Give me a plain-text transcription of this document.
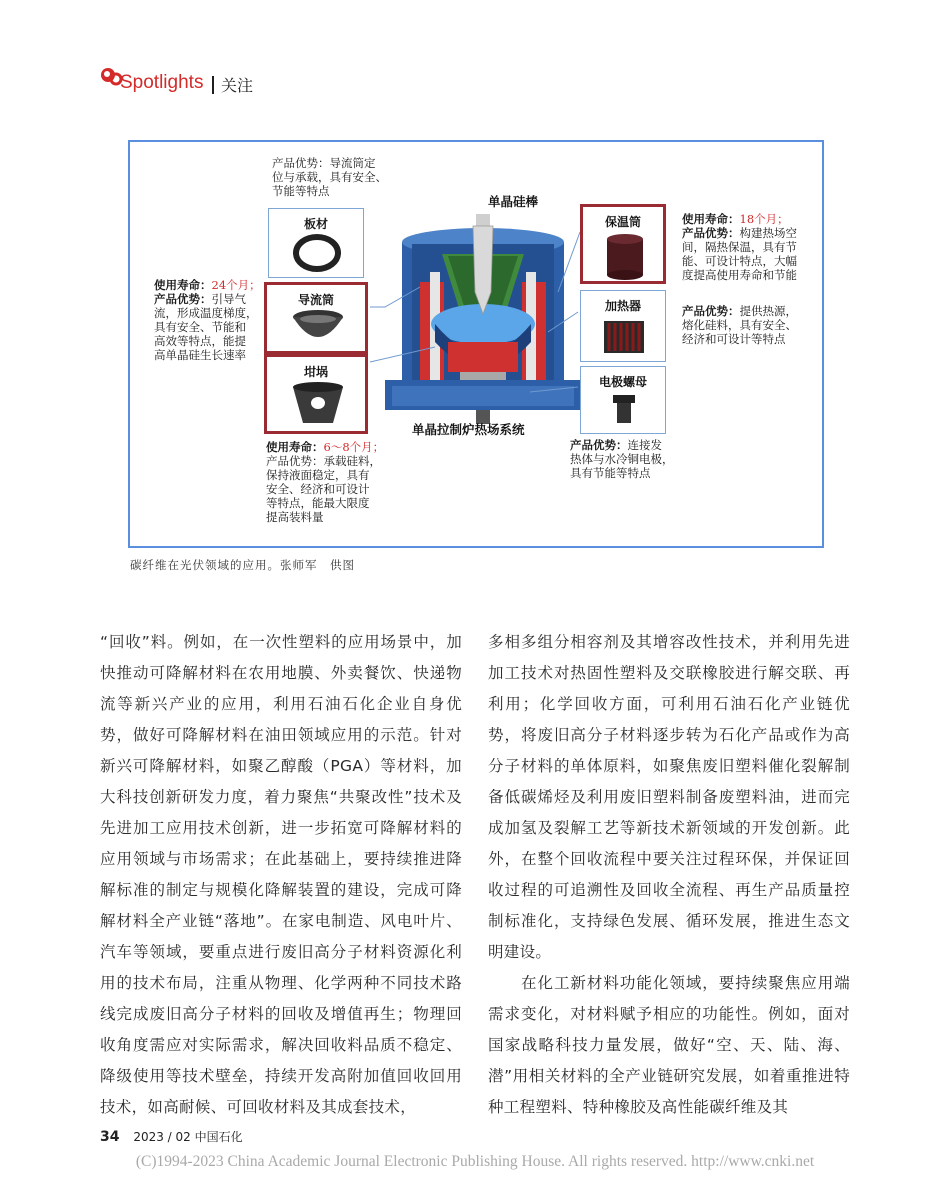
Spotlights 关注
单晶硅棒
单晶拉制炉热场系统
产品优势：导流筒定
位与承载，具有安全、
节能等特点
板材
导流筒
坩埚
使用寿命：24个月；
产品优势：引导气
流，形成温度梯度，
具有安全、节能和
高效等特点，能提
高单晶硅生长速率
使用寿命：6～8个月；
产品优势：承载硅料，
保持液面稳定，具有
安全、经济和可设计
等特点，能最大限度
提高装料量
保温筒
加热器
电极螺母
使用寿命：18个月；
产品优势：构建热场空
间，隔热保温，具有节
能、可设计特点，大幅
度提高使用寿命和节能
产品优势：提供热源，
熔化硅料，具有安全、
经济和可设计等特点
产品优势：连接发
热体与水冷铜电极，
具有节能等特点
碳纤维在光伏领域的应用。张师军　供图

“回收”料。例如，在一次性塑料的应用场景中，加快推动可降解材料在农用地膜、外卖餐饮、快递物流等新兴产业的应用，利用石油石化企业自身优势，做好可降解材料在油田领域应用的示范。针对新兴可降解材料，如聚乙醇酸（PGA）等材料，加大科技创新研发力度，着力聚焦“共聚改性”技术及先进加工应用技术创新，进一步拓宽可降解材料的应用领域与市场需求；在此基础上，要持续推进降解标准的制定与规模化降解装置的建设，完成可降解材料全产业链“落地”。在家电制造、风电叶片、汽车等领域，要重点进行废旧高分子材料资源化利用的技术布局，注重从物理、化学两种不同技术路线完成废旧高分子材料的回收及增值再生；物理回收角度需应对实际需求，解决回收料品质不稳定、降级使用等技术壁垒，持续开发高附加值回收回用技术，如高耐候、可回收材料及其成套技术，

多相多组分相容剂及其增容改性技术，并利用先进加工技术对热固性塑料及交联橡胶进行解交联、再利用；化学回收方面，可利用石油石化产业链优势，将废旧高分子材料逐步转为石化产品或作为高分子材料的单体原料，如聚焦废旧塑料催化裂解制备低碳烯烃及利用废旧塑料制备废塑料油，进而完成加氢及裂解工艺等新技术新领域的开发创新。此外，在整个回收流程中要关注过程环保，并保证回收过程的可追溯性及回收全流程、再生产品质量控制标准化，支持绿色发展、循环发展，推进生态文明建设。

　　在化工新材料功能化领域，要持续聚焦应用端需求变化，对材料赋予相应的功能性。例如，面对国家战略科技力量发展，做好“空、天、陆、海、潜”用相关材料的全产业链研究发展，如着重推进特种工程塑料、特种橡胶及高性能碳纤维及其

34 2023 / 02 中国石化
(C)1994-2023 China Academic Journal Electronic Publishing House. All rights reserved. http://www.cnki.net
